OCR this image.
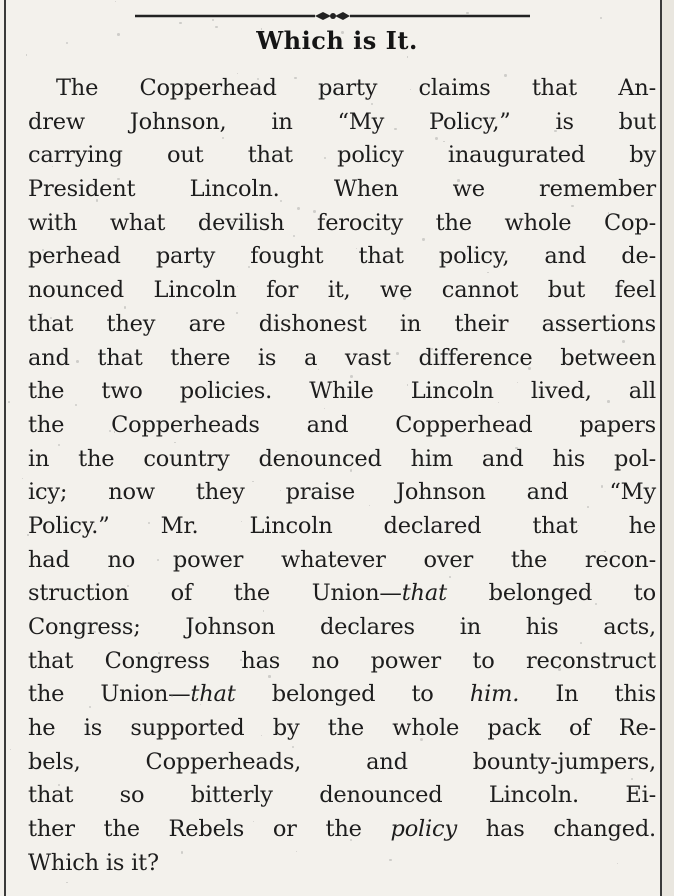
Which is It.
The Copperhead party claims that An-
drew Johnson, in “My Policy,” is but
carrying out that policy inaugurated by
President Lincoln. When we remember
with what devilish ferocity the whole Cop-
perhead party fought that policy, and de-
nounced Lincoln for it, we cannot but feel
that they are dishonest in their assertions
and that there is a vast difference between
the two policies. While Lincoln lived, all
the Copperheads and Copperhead papers
in the country denounced him and his pol-
icy; now they praise Johnson and “My
Policy.” Mr. Lincoln declared that he
had no power whatever over the recon-
struction of the Union—that belonged to
Congress; Johnson declares in his acts,
that Congress has no power to reconstruct
the Union—that belonged to him. In this
he is supported by the whole pack of Re-
bels, Copperheads, and bounty-jumpers,
that so bitterly denounced Lincoln. Ei-
ther the Rebels or the policy has changed.
Which is it?
